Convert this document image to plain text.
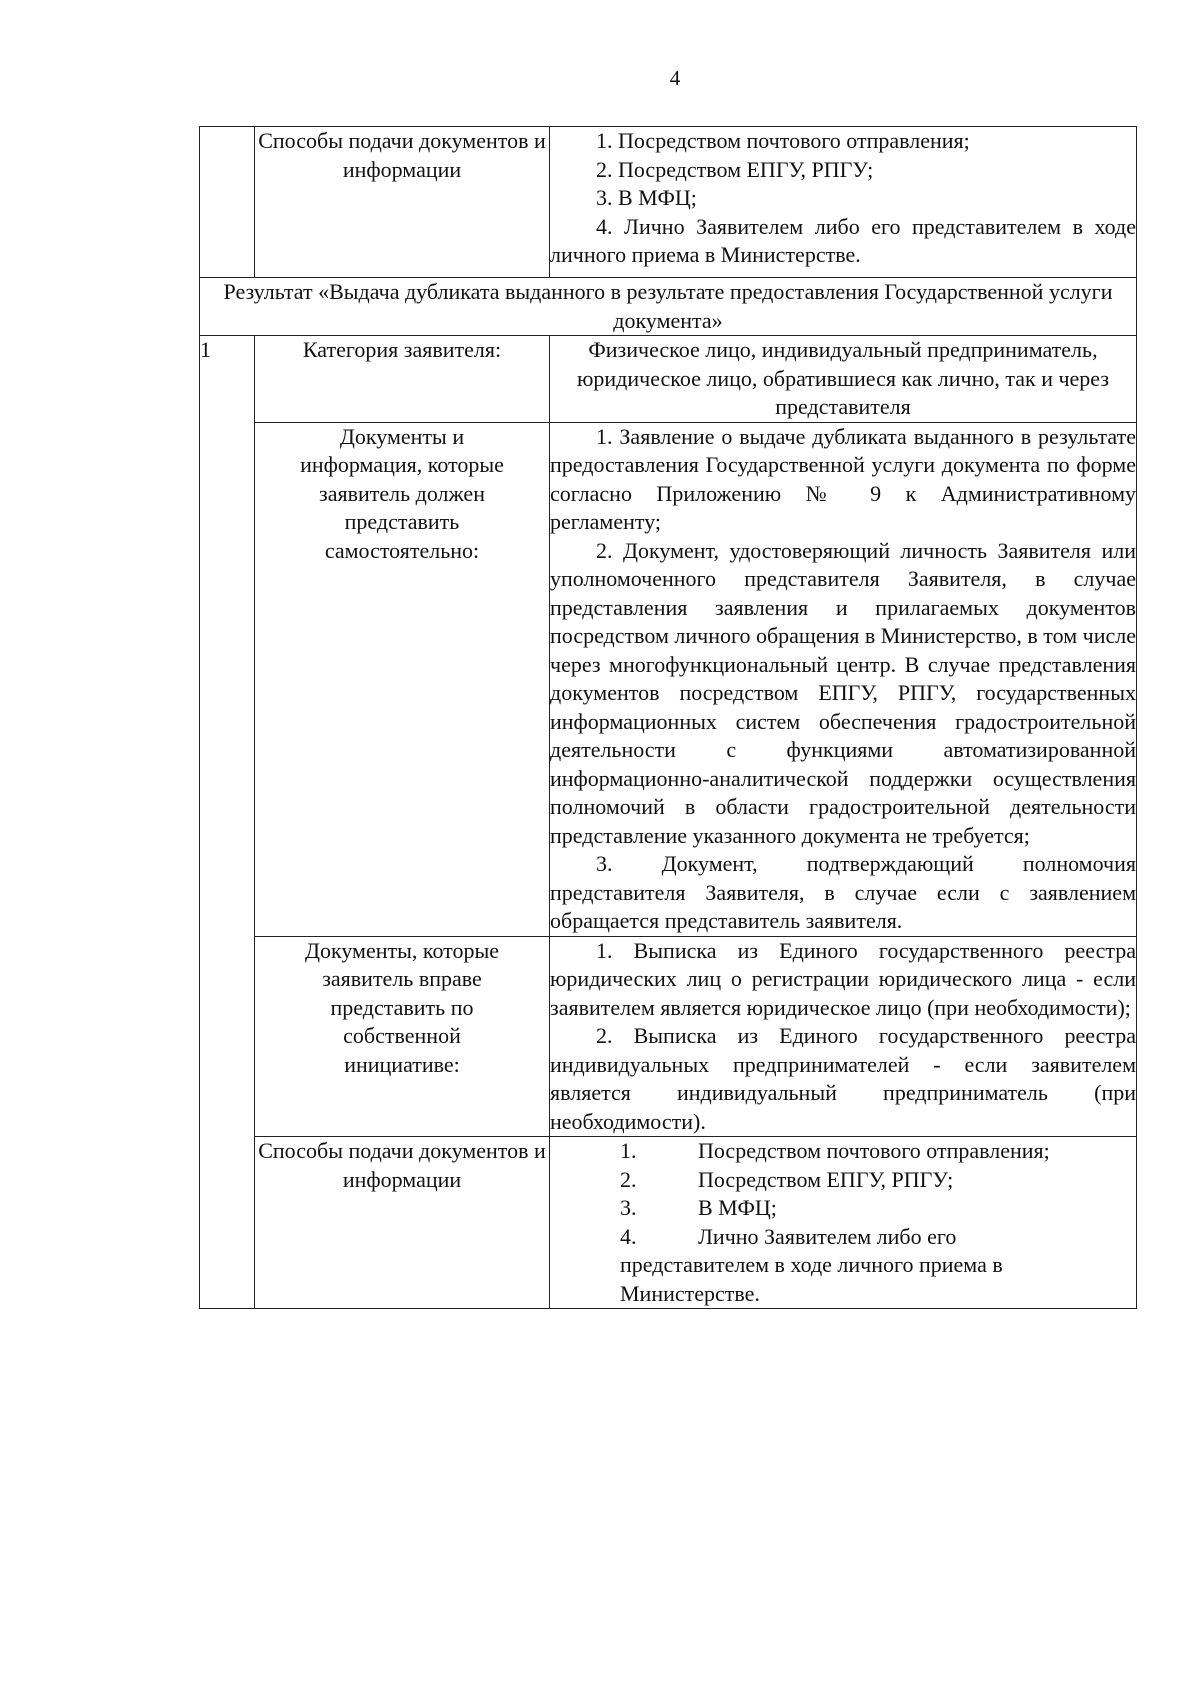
4
	Способы подачи документов и информации	1. Посредством почтового отправления;

2. Посредством ЕПГУ, РПГУ;

3. В МФЦ;

4. Лично Заявителем либо его представителем в ходе личного приема в Министерстве.

Результат «Выдача дубликата выданного в результате предоставления Государственной услуги документа»		
1	Категория заявителя:	Физическое лицо, индивидуальный предприниматель, юридическое лицо, обратившиеся как лично, так и через представителя
	Документы и информация, которые заявитель должен представить самостоятельно:	1. Заявление о выдаче дубликата выданного в результате предоставления Государственной услуги документа по форме согласно Приложению № 9 к Административному регламенту;

2. Документ, удостоверяющий личность Заявителя или уполномоченного представителя Заявителя, в случае представления заявления и прилагаемых документов посредством личного обращения в Министерство, в том числе через многофункциональный центр. В случае представления документов посредством ЕПГУ, РПГУ, государственных информационных систем обеспечения градостроительной деятельности с функциями автоматизированной информационно-аналитической поддержки осуществления полномочий в области градостроительной деятельности представление указанного документа не требуется;

3. Документ, подтверждающий полномочия представителя Заявителя, в случае если с заявлением обращается представитель заявителя.

	Документы, которые заявитель вправе представить по собственной инициативе:	1. Выписка из Единого государственного реестра юридических лиц о регистрации юридического лица - если заявителем является юридическое лицо (при необходимости);

2. Выписка из Единого государственного реестра индивидуальных предпринимателей - если заявителем является индивидуальный предприниматель (при необходимости).

	Способы подачи документов и информации	1. Посредством почтового отправления;
2. Посредством ЕПГУ, РПГУ;
3. В МФЦ;
4. Лично Заявителем либо его
представителем в ходе личного приема в Министерстве.
